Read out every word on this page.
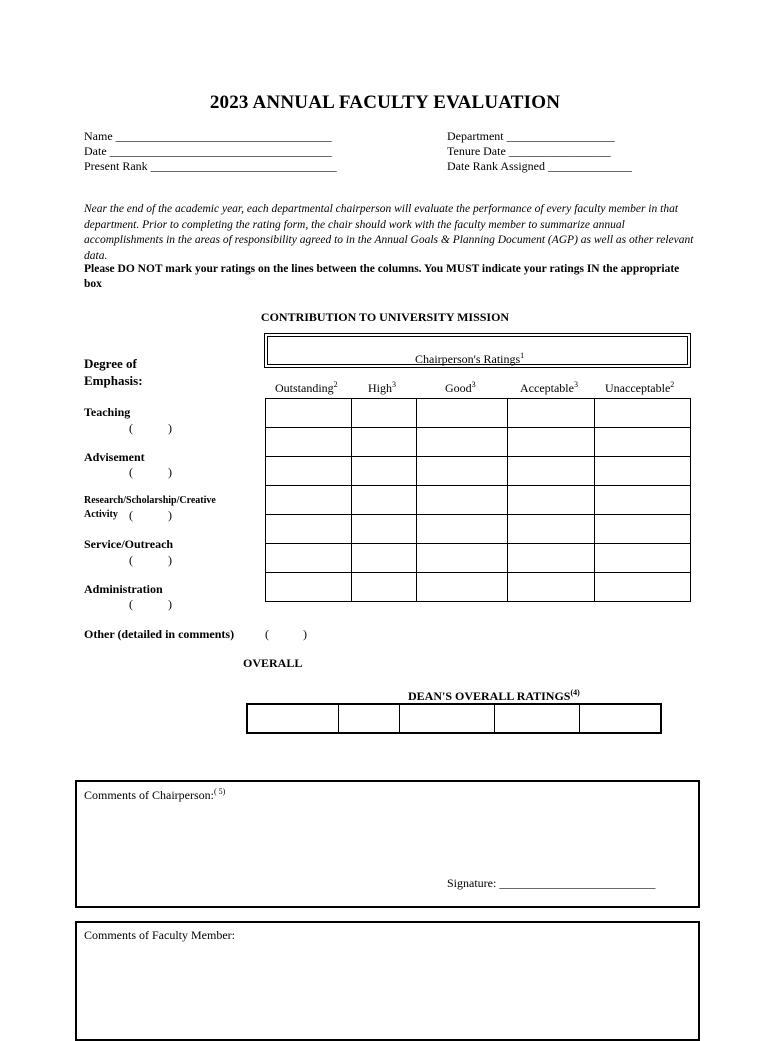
2023 ANNUAL FACULTY EVALUATION
Name ____________________________________
Date _____________________________________
Present Rank _______________________________
Department __________________
Tenure Date _________________
Date Rank Assigned ______________
Near the end of the academic year, each departmental chairperson will evaluate the performance of every faculty member in that department. Prior to completing the rating form, the chair should work with the faculty member to summarize annual accomplishments in the areas of responsibility agreed to in the Annual Goals & Planning Document (AGP) as well as other relevant data.
Please DO NOT mark your ratings on the lines between the columns. You MUST indicate your ratings IN the appropriate box
CONTRIBUTION TO UNIVERSITY MISSION
Degree of
Emphasis:
Chairperson's Ratings$^1$
Outstanding$^2$	High$^3$	Good$^3$	Acceptable$^3$ Unacceptable$^2$

Teaching
(	)
Advisement
(	)
Research/Scholarship/Creative
Activity (	)
Service/Outreach
(	)
Administration
(	)
Other (detailed in comments)	(	)
OVERALL
DEAN'S OVERALL RATINGS$^{(4)}$

Comments of Chairperson:$^{( 5)}$
Signature: __________________________
Comments of Faculty Member:
